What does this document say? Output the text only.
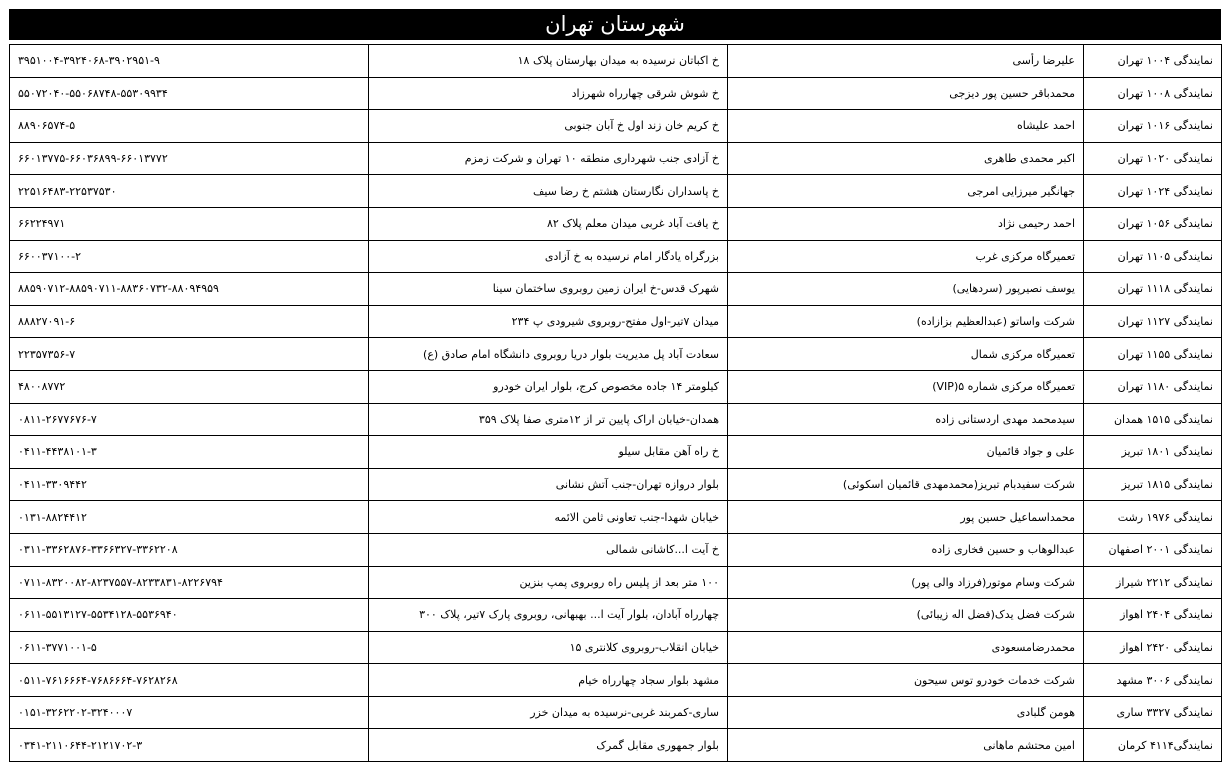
شهرستان تهران
نمایندگی ۱۰۰۴ تهران	علیرضا رأسی	خ اکباتان نرسیده به میدان بهارستان پلاک ۱۸	۳۹۵۱۰۰۴-۳۹۲۴۰۶۸-۳۹۰۲۹۵۱-۹
نمایندگی ۱۰۰۸ تهران	محمدباقر حسین پور دیزجی	خ شوش شرقی چهارراه شهرزاد	۵۵۰۷۲۰۴۰-۵۵۰۶۸۷۴۸-۵۵۳۰۹۹۳۴
نمایندگی ۱۰۱۶ تهران	احمد علیشاه	خ کریم خان زند اول خ آبان جنوبی	۸۸۹۰۶۵۷۴-۵
نمایندگی ۱۰۲۰ تهران	اکبر محمدی طاهری	خ آزادی جنب شهرداری منطقه ۱۰ تهران و شرکت زمزم	۶۶۰۱۳۷۷۵-۶۶۰۳۶۸۹۹-۶۶۰۱۳۷۷۲
نمایندگی ۱۰۲۴ تهران	جهانگیر میرزایی امرجی	خ پاسداران نگارستان هشتم خ رضا سیف	۲۲۵۱۶۴۸۳-۲۲۵۳۷۵۳۰
نمایندگی ۱۰۵۶ تهران	احمد رحیمی نژاد	خ یافت آباد غربی میدان معلم پلاک ۸۲	۶۶۲۲۴۹۷۱
نمایندگی ۱۱۰۵ تهران	تعمیرگاه مرکزی غرب	بزرگراه یادگار امام نرسیده به خ آزادی	۶۶۰۰۳۷۱۰۰-۲
نمایندگی ۱۱۱۸ تهران	یوسف نصیرپور (سردهایی)	شهرک قدس-خ ایران زمین روبروی ساختمان سینا	۸۸۵۹۰۷۱۲-۸۸۵۹۰۷۱۱-۸۸۳۶۰۷۳۲-۸۸۰۹۴۹۵۹
نمایندگی ۱۱۲۷ تهران	شرکت واساتو (عبدالعظیم بزازاده)	میدان ۷تیر-اول مفتح-روبروی شیرودی پ ۲۳۴	۸۸۸۲۷۰۹۱-۶
نمایندگی ۱۱۵۵ تهران	تعمیرگاه مرکزی شمال	سعادت آباد پل مدیریت بلوار دریا روبروی دانشگاه امام صادق (ع)	۲۲۳۵۷۳۵۶-۷
نمایندگی ۱۱۸۰ تهران	تعمیرگاه مرکزی شماره ۵(VIP)	کیلومتر ۱۴ جاده مخصوص کرج، بلوار ایران خودرو	۴۸۰۰۸۷۷۲
نمایندگی ۱۵۱۵ همدان	سیدمحمد مهدی اردستانی زاده	همدان-خیابان اراک پایین تر از ۱۲متری صفا پلاک ۳۵۹	۰۸۱۱-۲۶۷۷۶۷۶-۷
نمایندگی ۱۸۰۱ تبریز	علی و جواد قائمیان	خ راه آهن مقابل سیلو	۰۴۱۱-۴۴۳۸۱۰۱-۳
نمایندگی ۱۸۱۵ تبریز	شرکت سفیدبام تبریز(محمدمهدی قائمیان اسکوئی)	بلوار دروازه تهران-جنب آتش نشانی	۰۴۱۱-۳۳۰۹۴۴۲
نمایندگی ۱۹۷۶ رشت	محمداسماعیل حسین پور	خیابان شهدا-جنب تعاونی ثامن الائمه	۰۱۳۱-۸۸۲۴۴۱۲
نمایندگی ۲۰۰۱ اصفهان	عبدالوهاب و حسین فخاری زاده	خ آیت ا...کاشانی شمالی	۰۳۱۱-۳۳۶۲۸۷۶-۳۳۶۶۳۲۷-۳۳۶۲۲۰۸
نمایندگی ۲۲۱۲ شیراز	شرکت وسام موتور(فرزاد والی پور)	۱۰۰ متر بعد از پلیس راه روبروی پمپ بنزین	۰۷۱۱-۸۳۲۰۰۸۲-۸۲۳۷۵۵۷-۸۲۳۳۸۳۱-۸۲۲۶۷۹۴
نمایندگی ۲۴۰۴ اهواز	شرکت فضل یدک(فضل اله زیبائی)	چهارراه آبادان، بلوار آیت ا... بهبهانی، روبروی پارک ۷تیر، پلاک ۳۰۰	۰۶۱۱-۵۵۱۳۱۲۷-۵۵۳۴۱۲۸-۵۵۳۶۹۴۰
نمایندگی ۲۴۲۰ اهواز	محمدرضامسعودی	خیابان انقلاب-روبروی کلانتری ۱۵	۰۶۱۱-۳۷۷۱۰۰۱-۵
نمایندگی ۳۰۰۶ مشهد	شرکت خدمات خودرو توس سیحون	مشهد بلوار سجاد چهارراه خیام	۰۵۱۱-۷۶۱۶۶۶۴-۷۶۸۶۶۶۴-۷۶۲۸۲۶۸
نمایندگی ۳۳۲۷ ساری	هومن گلبادی	ساری-کمربند غربی-نرسیده به میدان خزر	۰۱۵۱-۳۲۶۲۲۰۲-۳۲۴۰۰۰۷
نمایندگی۴۱۱۴ کرمان	امین محتشم ماهانی	بلوار جمهوری مقابل گمرک	۰۳۴۱-۲۱۱۰۶۴۴-۲۱۲۱۷۰۲-۳
